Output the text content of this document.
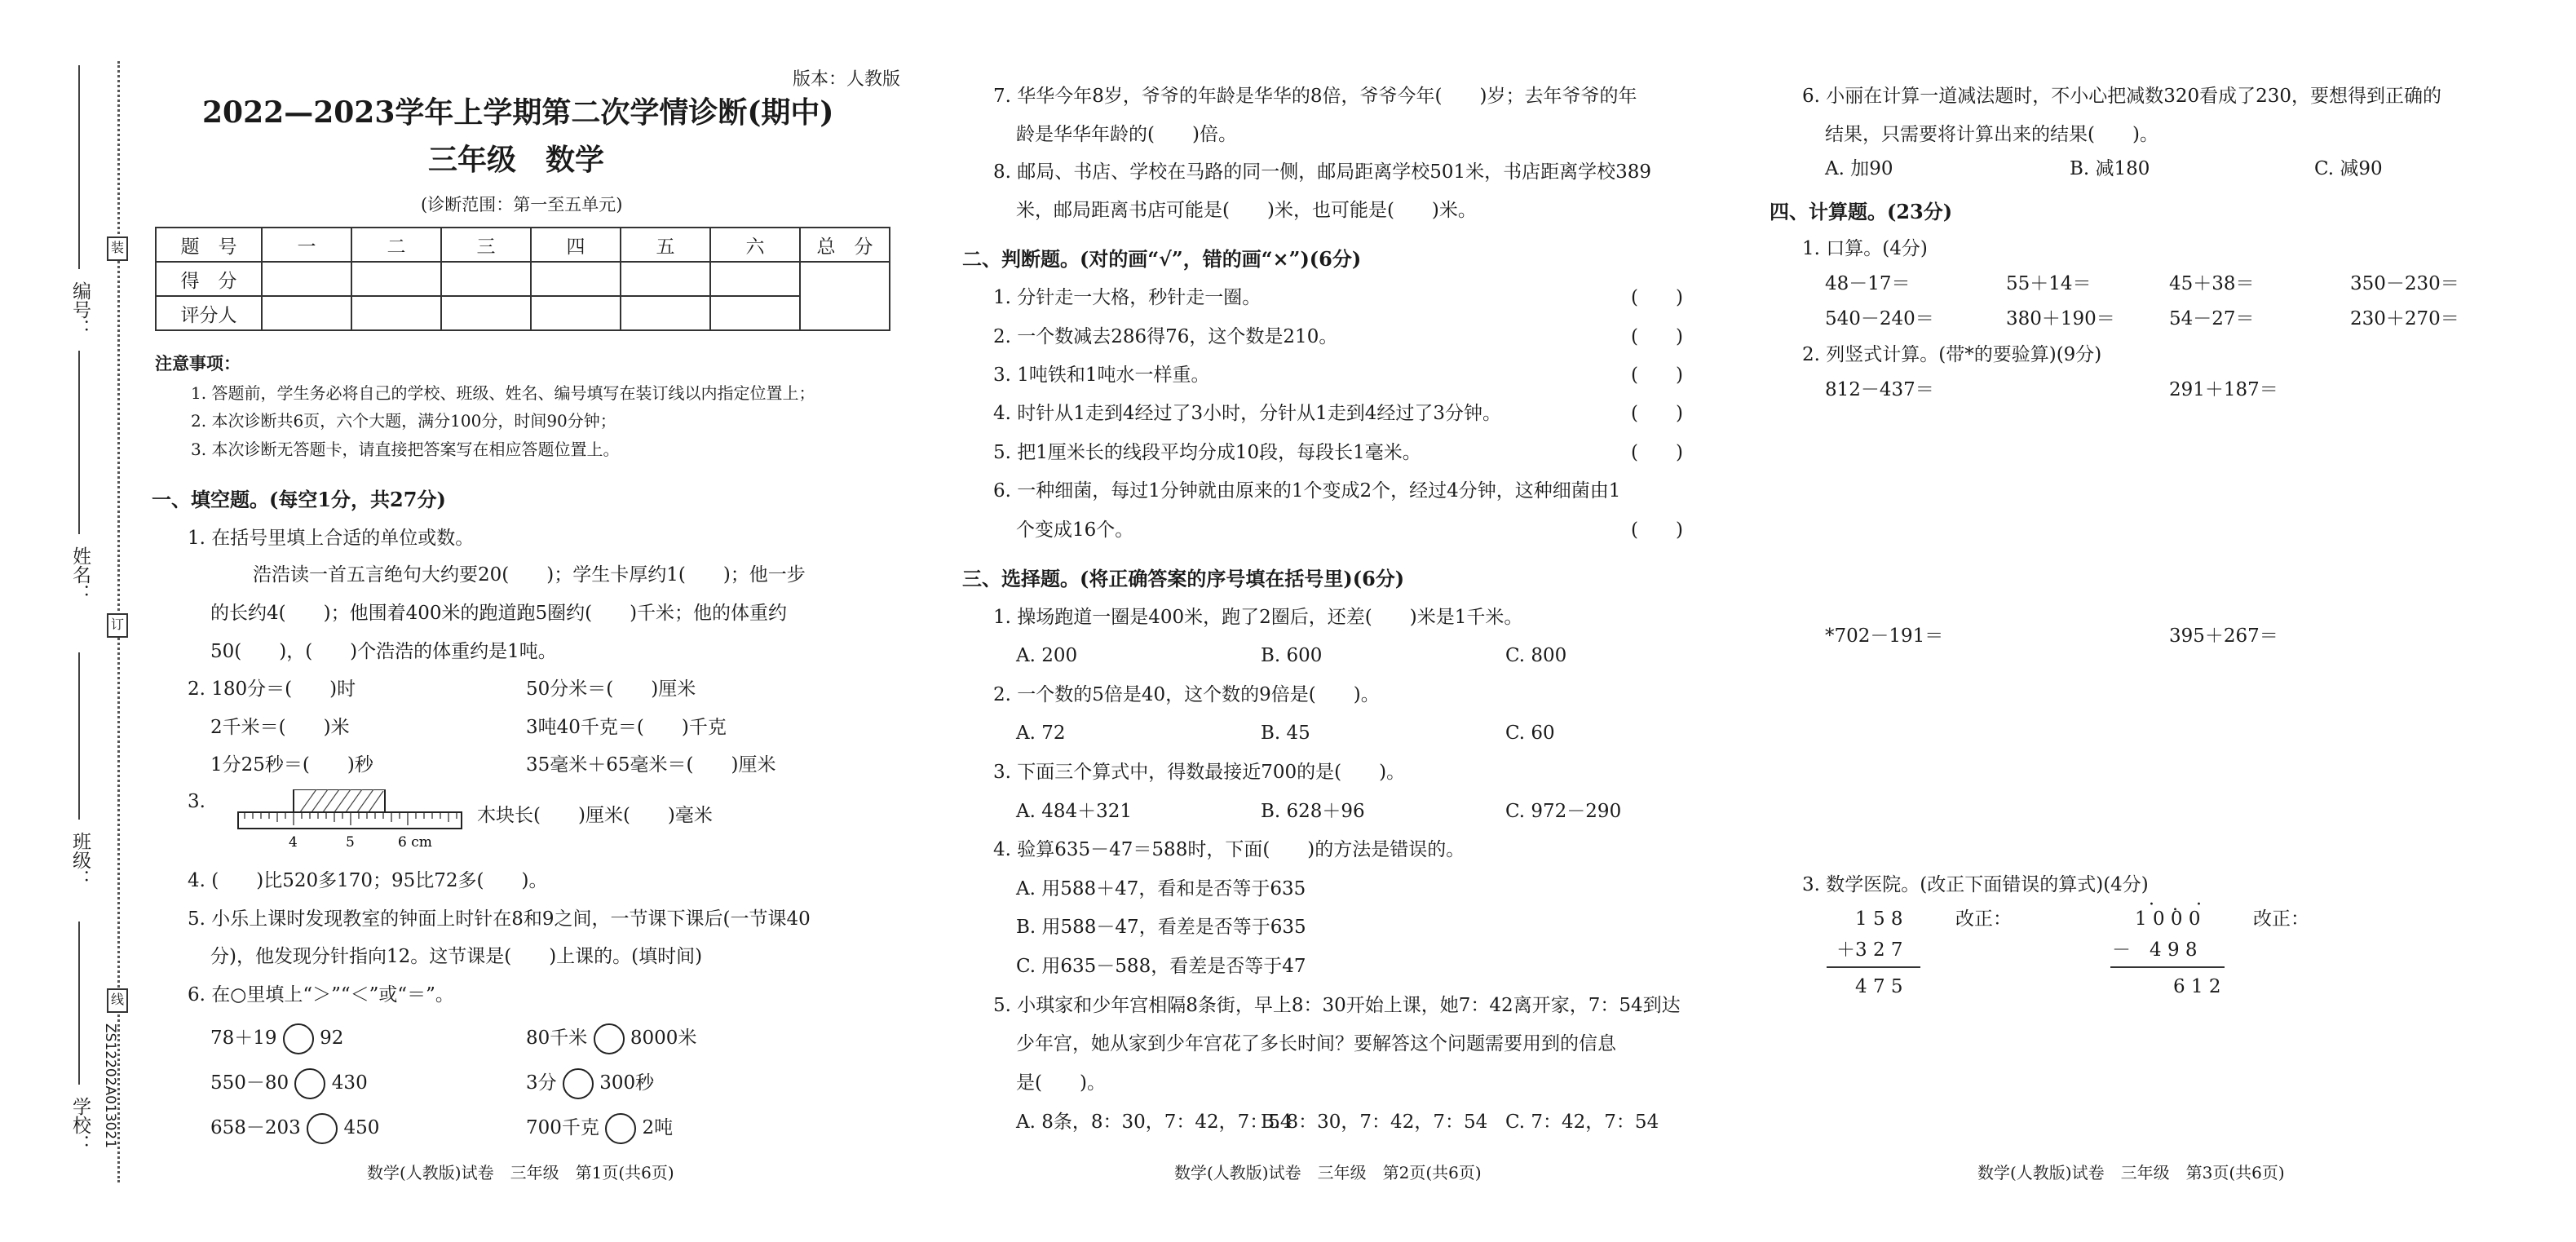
装
订
线
编号：
姓名：
班级：
学校： ZS12202A013021
版本：人教版
2022—2023学年上学期第二次学情诊断(期中)
三年级　数学
(诊断范围：第一至五单元)
题　号	一	二	三	四	五	六	总　分
得　分							
评分人							
注意事项：
1. 答题前，学生务必将自己的学校、班级、姓名、编号填写在装订线以内指定位置上；
2. 本次诊断共6页，六个大题，满分100分，时间90分钟；
3. 本次诊断无答题卡，请直接把答案写在相应答题位置上。
一、填空题。(每空1分，共27分)
1. 在括号里填上合适的单位或数。
浩浩读一首五言绝句大约要20(　　)；学生卡厚约1(　　)；他一步
的长约4(　　)；他围着400米的跑道跑5圈约(　　)千米；他的体重约
50(　　)，(　　)个浩浩的体重约是1吨。
2. 180分＝(　　)时	50分米＝(　　)厘米
2千米＝(　　)米	3吨40千克＝(　　)千克
1分25秒＝(　　)秒	35毫米＋65毫米＝(　　)厘米
3.
4	5	6 cm
木块长(　　)厘米(　　)毫米
4. (　　)比520多170；95比72多(　　)。
5. 小乐上课时发现教室的钟面上时针在8和9之间，一节课下课后(一节课40
分)，他发现分针指向12。这节课是(　　)上课的。(填时间)
6. 在○里填上“＞”“＜”或“＝”。
78＋19 92	80千米 8000米
550－80 430	3分 300秒
658－203 450	700千克 2吨
数学(人教版)试卷　三年级　第1页(共6页)
7. 华华今年8岁，爷爷的年龄是华华的8倍，爷爷今年(　　)岁；去年爷爷的年
龄是华华年龄的(　　)倍。
8. 邮局、书店、学校在马路的同一侧，邮局距离学校501米，书店距离学校389
米，邮局距离书店可能是(　　)米，也可能是(　　)米。
二、判断题。(对的画“√”，错的画“×”)(6分)
1. 分针走一大格，秒针走一圈。
2. 一个数减去286得76，这个数是210。
3. 1吨铁和1吨水一样重。
4. 时针从1走到4经过了3小时，分针从1走到4经过了3分钟。
5. 把1厘米长的线段平均分成10段，每段长1毫米。
6. 一种细菌，每过1分钟就由原来的1个变成2个，经过4分钟，这种细菌由1
个变成16个。
(　　)
(　　)
(　　)
(　　)
(　　)
(　　)
三、选择题。(将正确答案的序号填在括号里)(6分)
1. 操场跑道一圈是400米，跑了2圈后，还差(　　)米是1千米。
A. 200	B. 600	C. 800
2. 一个数的5倍是40，这个数的9倍是(　　)。
A. 72	B. 45	C. 60
3. 下面三个算式中，得数最接近700的是(　　)。
A. 484＋321	B. 628＋96	C. 972－290
4. 验算635－47＝588时，下面(　　)的方法是错误的。
A. 用588＋47，看和是否等于635
B. 用588－47，看差是否等于635
C. 用635－588，看差是否等于47
5. 小琪家和少年宫相隔8条街，早上8：30开始上课，她7：42离开家，7：54到达
少年宫，她从家到少年宫花了多长时间？要解答这个问题需要用到的信息
是(　　)。
A. 8条，8：30，7：42，7：54
B. 8：30，7：42，7：54 C. 7：42，7：54
数学(人教版)试卷　三年级　第2页(共6页)
6. 小丽在计算一道减法题时，不小心把减数320看成了230，要想得到正确的
结果，只需要将计算出来的结果(　　)。
A. 加90	B. 减180	C. 减90
四、计算题。(23分)
1. 口算。(4分)
48－17＝	55＋14＝	45＋38＝	350－230＝
540－240＝	380＋190＝	54－27＝	230＋270＝
2. 列竖式计算。(带*的要验算)(9分)
812－437＝	291＋187＝
*702－191＝	395＋267＝
3. 数学医院。(改正下面错误的算式)(4分)
1 5 8
＋3 2 7
4 7 5
改正：
·.·
1 0 0 0
－　4 9 8
6 1 2
改正：
数学(人教版)试卷　三年级　第3页(共6页)
